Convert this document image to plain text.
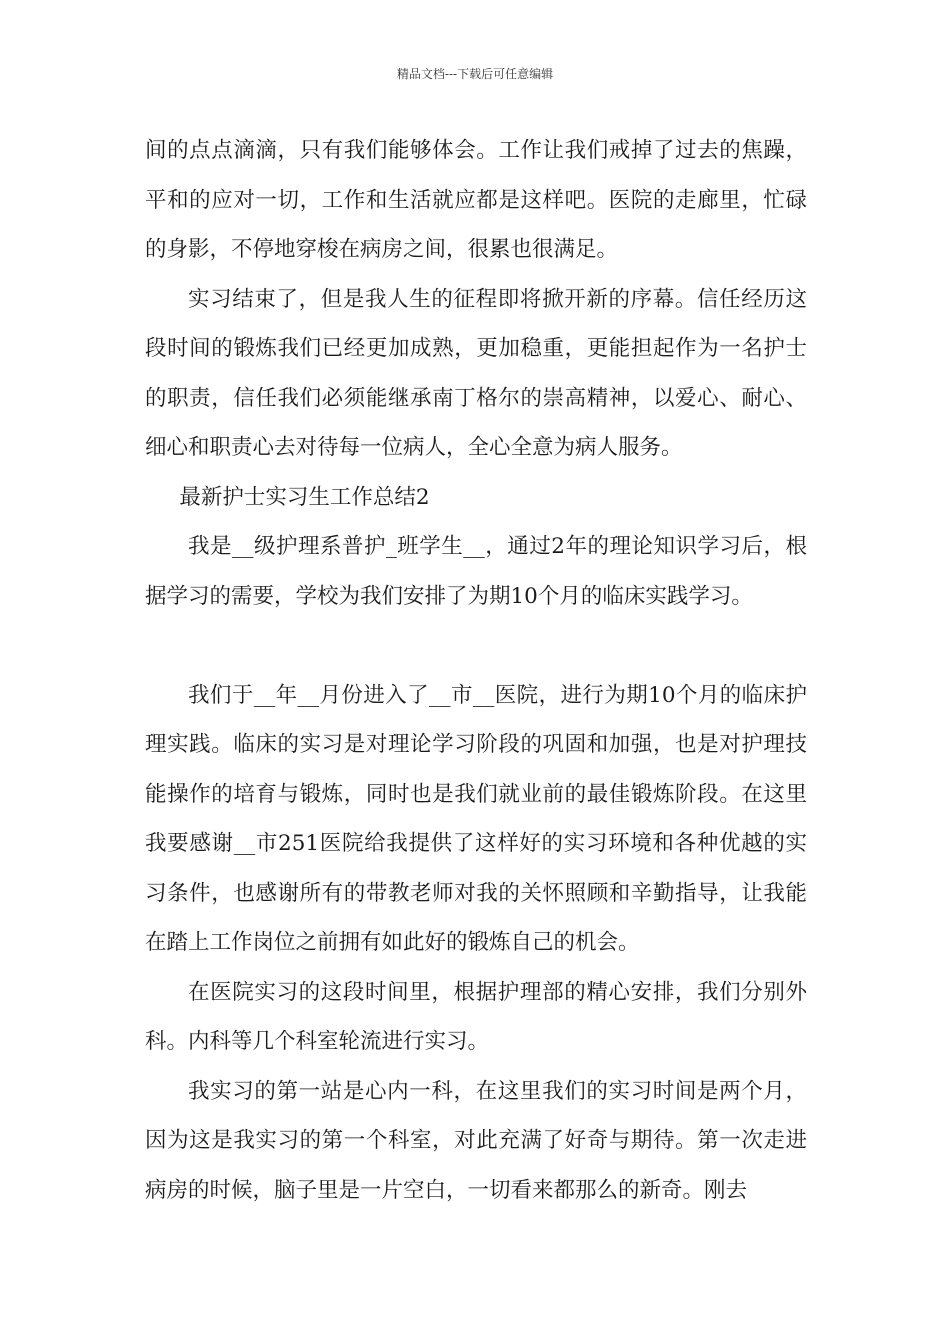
精品文档---下载后可任意编辑

间的点点滴滴，只有我们能够体会。工作让我们戒掉了过去的焦躁，平和的应对一切，工作和生活就应都是这样吧。医院的走廊里，忙碌的身影，不停地穿梭在病房之间，很累也很满足。

实习结束了，但是我人生的征程即将掀开新的序幕。信任经历这段时间的锻炼我们已经更加成熟，更加稳重，更能担起作为一名护士的职责，信任我们必须能继承南丁格尔的崇高精神，以爱心、耐心、细心和职责心去对待每一位病人，全心全意为病人服务。

最新护士实习生工作总结2

我是__级护理系普护_班学生__，通过2年的理论知识学习后，根据学习的需要，学校为我们安排了为期10个月的临床实践学习。

我们于__年__月份进入了__市__医院，进行为期10个月的临床护理实践。临床的实习是对理论学习阶段的巩固和加强，也是对护理技能操作的培育与锻炼，同时也是我们就业前的最佳锻炼阶段。在这里我要感谢__市251医院给我提供了这样好的实习环境和各种优越的实习条件，也感谢所有的带教老师对我的关怀照顾和辛勤指导，让我能在踏上工作岗位之前拥有如此好的锻炼自己的机会。

在医院实习的这段时间里，根据护理部的精心安排，我们分别外科。内科等几个科室轮流进行实习。

我实习的第一站是心内一科，在这里我们的实习时间是两个月，因为这是我实习的第一个科室，对此充满了好奇与期待。第一次走进病房的时候，脑子里是一片空白，一切看来都那么的新奇。刚去
